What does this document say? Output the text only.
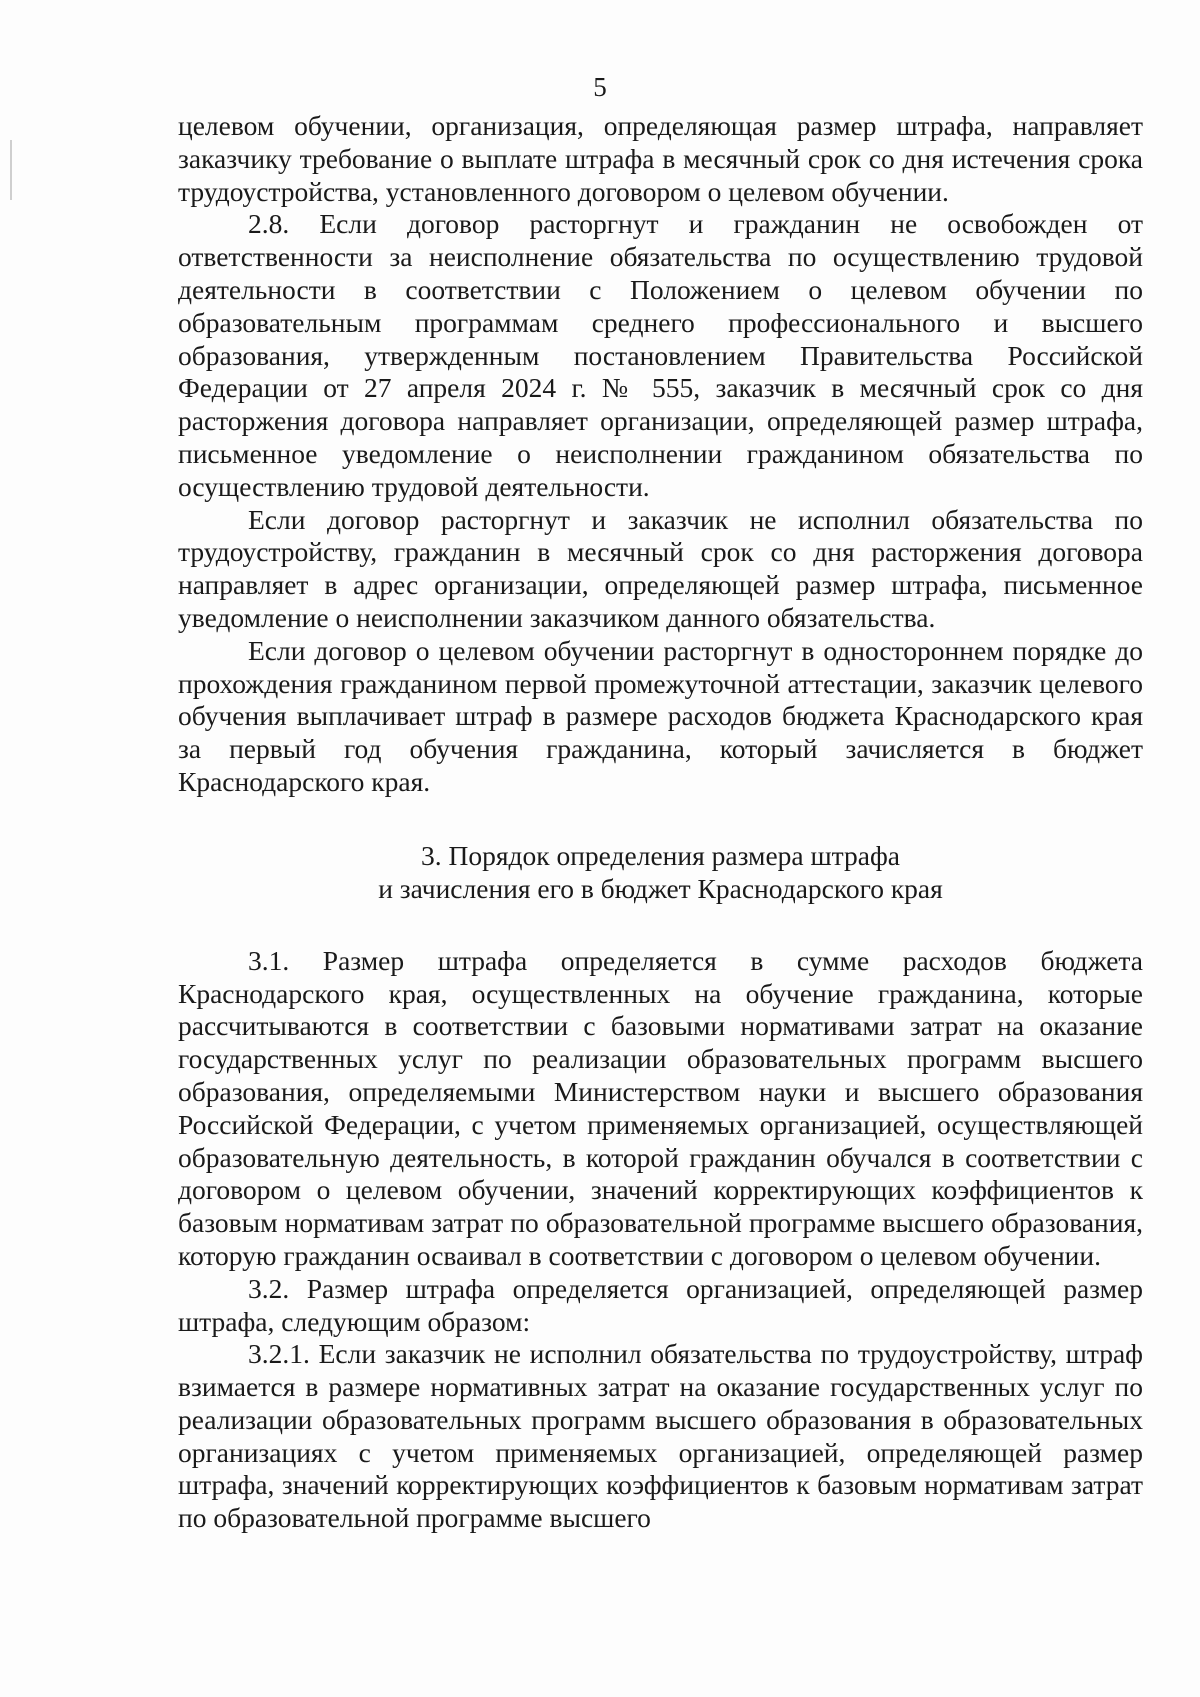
5

целевом обучении, организация, определяющая размер штрафа, направляет заказчику требование о выплате штрафа в месячный срок со дня истечения срока трудоустройства, установленного договором о целевом обучении.

2.8. Если договор расторгнут и гражданин не освобожден от ответственности за неисполнение обязательства по осуществлению трудовой деятельности в соответствии с Положением о целевом обучении по образовательным программам среднего профессионального и высшего образования, утвержденным постановлением Правительства Российской Федерации от 27 апреля 2024 г. № 555, заказчик в месячный срок со дня расторжения договора направляет организации, определяющей размер штрафа, письменное уведомление о неисполнении гражданином обязательства по осуществлению трудовой деятельности.

Если договор расторгнут и заказчик не исполнил обязательства по трудоустройству, гражданин в месячный срок со дня расторжения договора направляет в адрес организации, определяющей размер штрафа, письменное уведомление о неисполнении заказчиком данного обязательства.

Если договор о целевом обучении расторгнут в одностороннем порядке до прохождения гражданином первой промежуточной аттестации, заказчик целевого обучения выплачивает штраф в размере расходов бюджета Краснодарского края за первый год обучения гражданина, который зачисляется в бюджет Краснодарского края.

3. Порядок определения размера штрафа
и зачисления его в бюджет Краснодарского края

3.1. Размер штрафа определяется в сумме расходов бюджета Краснодарского края, осуществленных на обучение гражданина, которые рассчитываются в соответствии с базовыми нормативами затрат на оказание государственных услуг по реализации образовательных программ высшего образования, определяемыми Министерством науки и высшего образования Российской Федерации, с учетом применяемых организацией, осуществляющей образовательную деятельность, в которой гражданин обучался в соответствии с договором о целевом обучении, значений корректирующих коэффициентов к базовым нормативам затрат по образовательной программе высшего образования, которую гражданин осваивал в соответствии с договором о целевом обучении.

3.2. Размер штрафа определяется организацией, определяющей размер штрафа, следующим образом:

3.2.1. Если заказчик не исполнил обязательства по трудоустройству, штраф взимается в размере нормативных затрат на оказание государственных услуг по реализации образовательных программ высшего образования в образовательных организациях с учетом применяемых организацией, определяющей размер штрафа, значений корректирующих коэффициентов к базовым нормативам затрат по образовательной программе высшего
